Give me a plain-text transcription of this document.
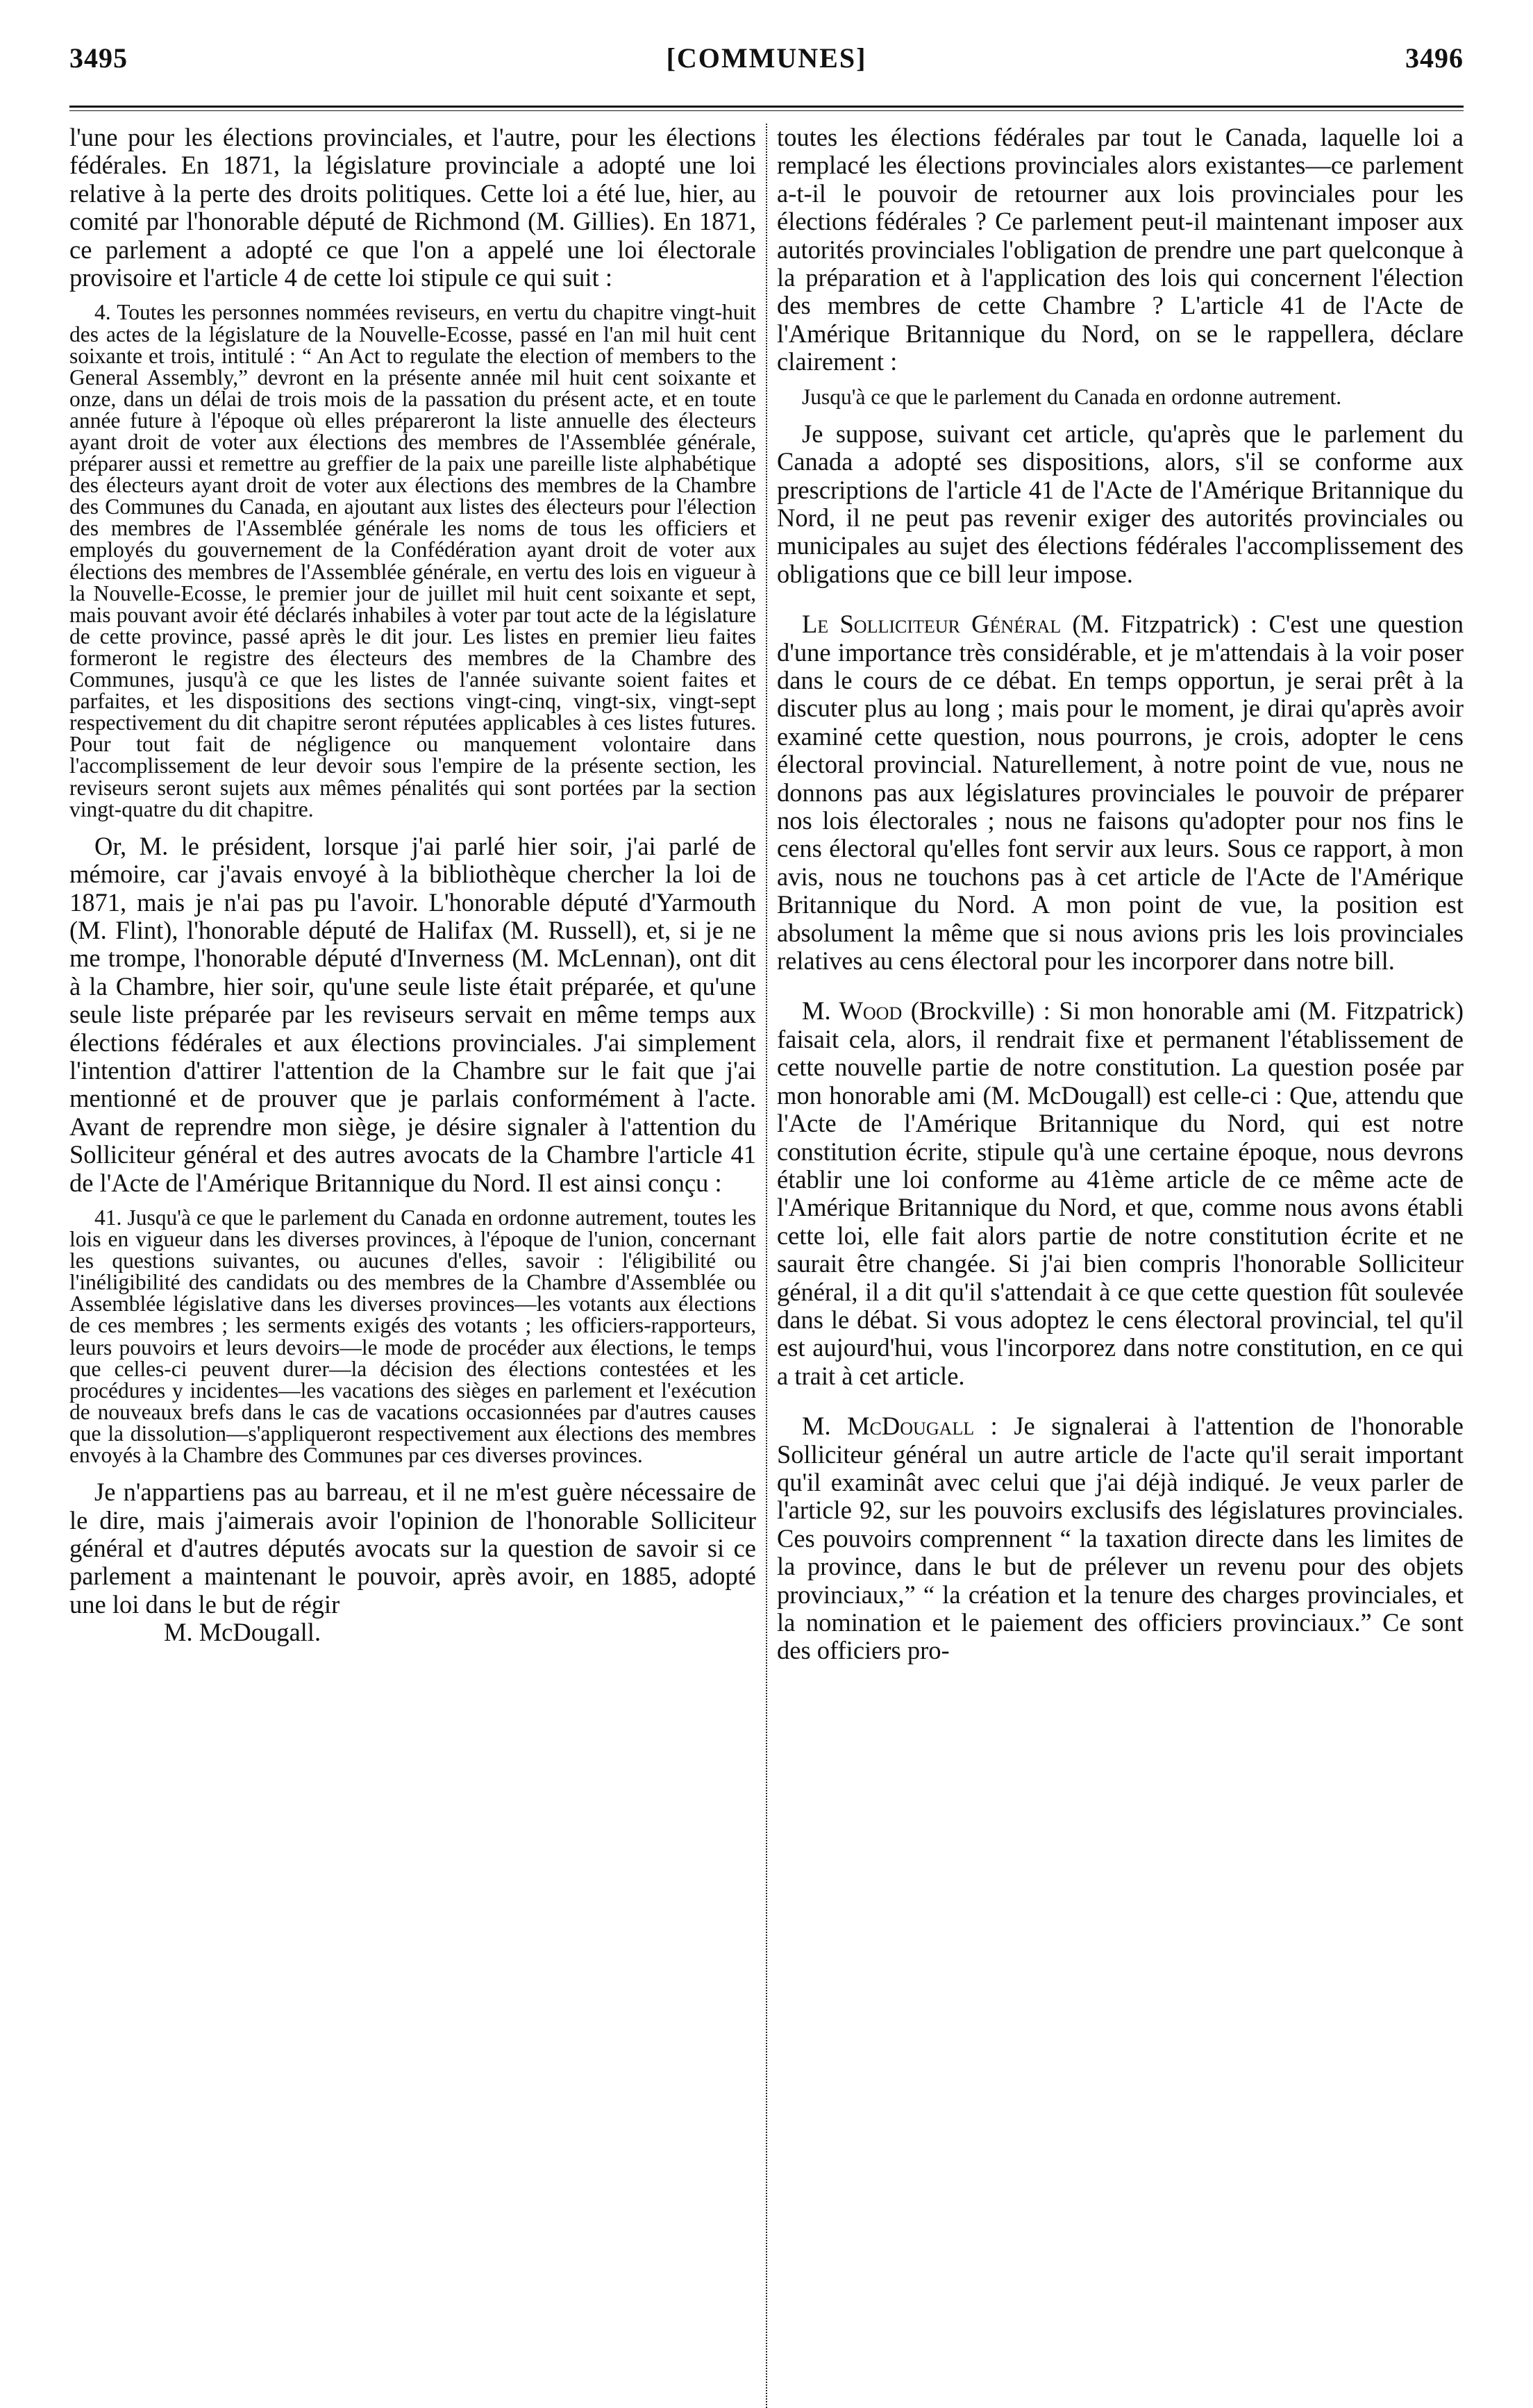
3495	[COMMUNES]	3496

l'une pour les élections provinciales, et l'autre, pour les élections fédérales. En 1871, la législature provinciale a adopté une loi relative à la perte des droits politiques. Cette loi a été lue, hier, au comité par l'honorable député de Richmond (M. Gillies). En 1871, ce parlement a adopté ce que l'on a appelé une loi électorale provisoire et l'article 4 de cette loi stipule ce qui suit :

4. Toutes les personnes nommées reviseurs, en vertu du chapitre vingt-huit des actes de la législature de la Nouvelle-Ecosse, passé en l'an mil huit cent soixante et trois, intitulé : “ An Act to regulate the election of members to the General Assembly,” devront en la présente année mil huit cent soixante et onze, dans un délai de trois mois de la passation du présent acte, et en toute année future à l'époque où elles prépareront la liste annuelle des électeurs ayant droit de voter aux élections des membres de l'Assemblée générale, préparer aussi et remettre au greffier de la paix une pareille liste alphabétique des électeurs ayant droit de voter aux élections des membres de la Chambre des Communes du Canada, en ajoutant aux listes des électeurs pour l'élection des membres de l'Assemblée générale les noms de tous les officiers et employés du gouvernement de la Confédération ayant droit de voter aux élections des membres de l'Assemblée générale, en vertu des lois en vigueur à la Nouvelle-Ecosse, le premier jour de juillet mil huit cent soixante et sept, mais pouvant avoir été déclarés inhabiles à voter par tout acte de la législature de cette province, passé après le dit jour. Les listes en premier lieu faites formeront le registre des électeurs des membres de la Chambre des Communes, jusqu'à ce que les listes de l'année suivante soient faites et parfaites, et les dispositions des sections vingt-cinq, vingt-six, vingt-sept respectivement du dit chapitre seront réputées applicables à ces listes futures. Pour tout fait de négligence ou manquement volontaire dans l'accomplissement de leur devoir sous l'empire de la présente section, les reviseurs seront sujets aux mêmes pénalités qui sont portées par la section vingt-quatre du dit chapitre.

Or, M. le président, lorsque j'ai parlé hier soir, j'ai parlé de mémoire, car j'avais envoyé à la bibliothèque chercher la loi de 1871, mais je n'ai pas pu l'avoir. L'honorable député d'Yarmouth (M. Flint), l'honorable député de Halifax (M. Russell), et, si je ne me trompe, l'honorable député d'Inverness (M. McLennan), ont dit à la Chambre, hier soir, qu'une seule liste était préparée, et qu'une seule liste préparée par les reviseurs servait en même temps aux élections fédérales et aux élections provinciales. J'ai simplement l'intention d'attirer l'attention de la Chambre sur le fait que j'ai mentionné et de prouver que je parlais conformément à l'acte. Avant de reprendre mon siège, je désire signaler à l'attention du Solliciteur général et des autres avocats de la Chambre l'article 41 de l'Acte de l'Amérique Britannique du Nord. Il est ainsi conçu :

41. Jusqu'à ce que le parlement du Canada en ordonne autrement, toutes les lois en vigueur dans les diverses provinces, à l'époque de l'union, concernant les questions suivantes, ou aucunes d'elles, savoir : l'éligibilité ou l'inéligibilité des candidats ou des membres de la Chambre d'Assemblée ou Assemblée législative dans les diverses provinces—les votants aux élections de ces membres ; les serments exigés des votants ; les officiers-rapporteurs, leurs pouvoirs et leurs devoirs—le mode de procéder aux élections, le temps que celles-ci peuvent durer—la décision des élections contestées et les procédures y incidentes—les vacations des sièges en parlement et l'exécution de nouveaux brefs dans le cas de vacations occasionnées par d'autres causes que la dissolution—s'appliqueront respectivement aux élections des membres envoyés à la Chambre des Communes par ces diverses provinces.

Je n'appartiens pas au barreau, et il ne m'est guère nécessaire de le dire, mais j'aimerais avoir l'opinion de l'honorable Solliciteur général et d'autres députés avocats sur la question de savoir si ce parlement a maintenant le pouvoir, après avoir, en 1885, adopté une loi dans le but de régir

M. McDougall.

toutes les élections fédérales par tout le Canada, laquelle loi a remplacé les élections provinciales alors existantes—ce parlement a-t-il le pouvoir de retourner aux lois provinciales pour les élections fédérales ? Ce parlement peut-il maintenant imposer aux autorités provinciales l'obligation de prendre une part quelconque à la préparation et à l'application des lois qui concernent l'élection des membres de cette Chambre ? L'article 41 de l'Acte de l'Amérique Britannique du Nord, on se le rappellera, déclare clairement :

Jusqu'à ce que le parlement du Canada en ordonne autrement.

Je suppose, suivant cet article, qu'après que le parlement du Canada a adopté ses dispositions, alors, s'il se conforme aux prescriptions de l'article 41 de l'Acte de l'Amérique Britannique du Nord, il ne peut pas revenir exiger des autorités provinciales ou municipales au sujet des élections fédérales l'accomplissement des obligations que ce bill leur impose.

Le Solliciteur Général (M. Fitzpatrick) : C'est une question d'une importance très considérable, et je m'attendais à la voir poser dans le cours de ce débat. En temps opportun, je serai prêt à la discuter plus au long ; mais pour le moment, je dirai qu'après avoir examiné cette question, nous pourrons, je crois, adopter le cens électoral provincial. Naturellement, à notre point de vue, nous ne donnons pas aux législatures provinciales le pouvoir de préparer nos lois électorales ; nous ne faisons qu'adopter pour nos fins le cens électoral qu'elles font servir aux leurs. Sous ce rapport, à mon avis, nous ne touchons pas à cet article de l'Acte de l'Amérique Britannique du Nord. A mon point de vue, la position est absolument la même que si nous avions pris les lois provinciales relatives au cens électoral pour les incorporer dans notre bill.

M. Wood (Brockville) : Si mon honorable ami (M. Fitzpatrick) faisait cela, alors, il rendrait fixe et permanent l'établissement de cette nouvelle partie de notre constitution. La question posée par mon honorable ami (M. McDougall) est celle-ci : Que, attendu que l'Acte de l'Amérique Britannique du Nord, qui est notre constitution écrite, stipule qu'à une certaine époque, nous devrons établir une loi conforme au 41ème article de ce même acte de l'Amérique Britannique du Nord, et que, comme nous avons établi cette loi, elle fait alors partie de notre constitution écrite et ne saurait être changée. Si j'ai bien compris l'honorable Solliciteur général, il a dit qu'il s'attendait à ce que cette question fût soulevée dans le débat. Si vous adoptez le cens électoral provincial, tel qu'il est aujourd'hui, vous l'incorporez dans notre constitution, en ce qui a trait à cet article.

M. McDougall : Je signalerai à l'attention de l'honorable Solliciteur général un autre article de l'acte qu'il serait important qu'il examinât avec celui que j'ai déjà indiqué. Je veux parler de l'article 92, sur les pouvoirs exclusifs des législatures provinciales. Ces pouvoirs comprennent “ la taxation directe dans les limites de la province, dans le but de prélever un revenu pour des objets provinciaux,” “ la création et la tenure des charges provinciales, et la nomination et le paiement des officiers provinciaux.” Ce sont des officiers pro-
